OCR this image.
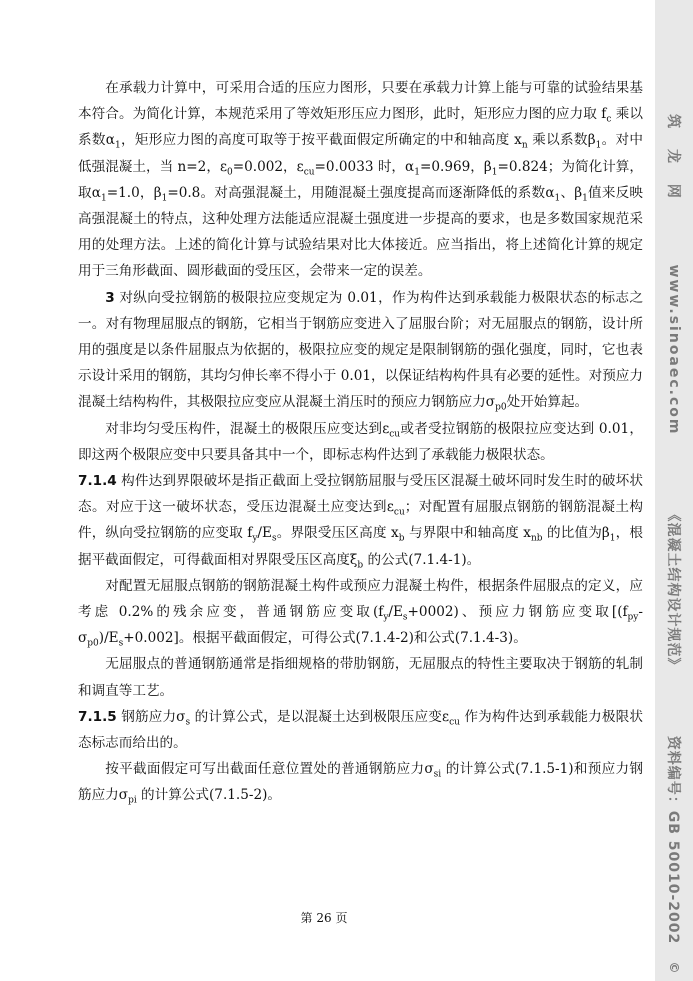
在承载力计算中，可采用合适的压应力图形，只要在承载力计算上能与可靠的试验结果基本符合。为简化计算，本规范采用了等效矩形压应力图形，此时，矩形应力图的应力取 $f_c$ 乘以系数$\alpha_1$，矩形应力图的高度可取等于按平截面假定所确定的中和轴高度 $x_n$ 乘以系数$\beta_1$。对中低强混凝土，当 n=2，$\varepsilon_0=0.002$，$\varepsilon_{cu}=0.0033$ 时，$\alpha_1=0.969$，$\beta_1=0.824$；为简化计算，取$\alpha_1=1.0$，$\beta_1=0.8$。对高强混凝土，用随混凝土强度提高而逐渐降低的系数$\alpha_1$、$\beta_1$值来反映高强混凝土的特点，这种处理方法能适应混凝土强度进一步提高的要求，也是多数国家规范采用的处理方法。上述的简化计算与试验结果对比大体接近。应当指出，将上述简化计算的规定用于三角形截面、圆形截面的受压区，会带来一定的误差。

3 对纵向受拉钢筋的极限拉应变规定为 0.01，作为构件达到承载能力极限状态的标志之一。对有物理屈服点的钢筋，它相当于钢筋应变进入了屈服台阶；对无屈服点的钢筋，设计所用的强度是以条件屈服点为依据的，极限拉应变的规定是限制钢筋的强化强度，同时，它也表示设计采用的钢筋，其均匀伸长率不得小于 0.01，以保证结构构件具有必要的延性。对预应力混凝土结构构件，其极限拉应变应从混凝土消压时的预应力钢筋应力$\sigma_{p0}$处开始算起。

对非均匀受压构件，混凝土的极限压应变达到$\varepsilon_{cu}$或者受拉钢筋的极限拉应变达到 0.01，即这两个极限应变中只要具备其中一个，即标志构件达到了承载能力极限状态。

7.1.4 构件达到界限破坏是指正截面上受拉钢筋屈服与受压区混凝土破坏同时发生时的破坏状态。对应于这一破坏状态，受压边混凝土应变达到$\varepsilon_{cu}$；对配置有屈服点钢筋的钢筋混凝土构件，纵向受拉钢筋的应变取 $f_y/E_s$。界限受压区高度 $x_b$ 与界限中和轴高度 $x_{nb}$ 的比值为$\beta_1$，根据平截面假定，可得截面相对界限受压区高度$\xi_b$ 的公式(7.1.4-1)。

对配置无屈服点钢筋的钢筋混凝土构件或预应力混凝土构件，根据条件屈服点的定义，应考虑 0.2%的残余应变，普通钢筋应变取$(f_y/E_s+0002)$、预应力钢筋应变取[($f_{py}-$ $\sigma_{p0})/E_s+0.002$]。根据平截面假定，可得公式(7.1.4-2)和公式(7.1.4-3)。

无屈服点的普通钢筋通常是指细规格的带肋钢筋，无屈服点的特性主要取决于钢筋的轧制和调直等工艺。

7.1.5 钢筋应力$\sigma_s$ 的计算公式，是以混凝土达到极限压应变$\varepsilon_{cu}$ 作为构件达到承载能力极限状态标志而给出的。

按平截面假定可写出截面任意位置处的普通钢筋应力$\sigma_{si}$ 的计算公式(7.1.5-1)和预应力钢筋应力$\sigma_{pi}$ 的计算公式(7.1.5-2)。

第 26 页
筑 龙 网
www.sinoaec.com
《混凝土结构设计规范》
资料编号：GB 50010-2002
©
